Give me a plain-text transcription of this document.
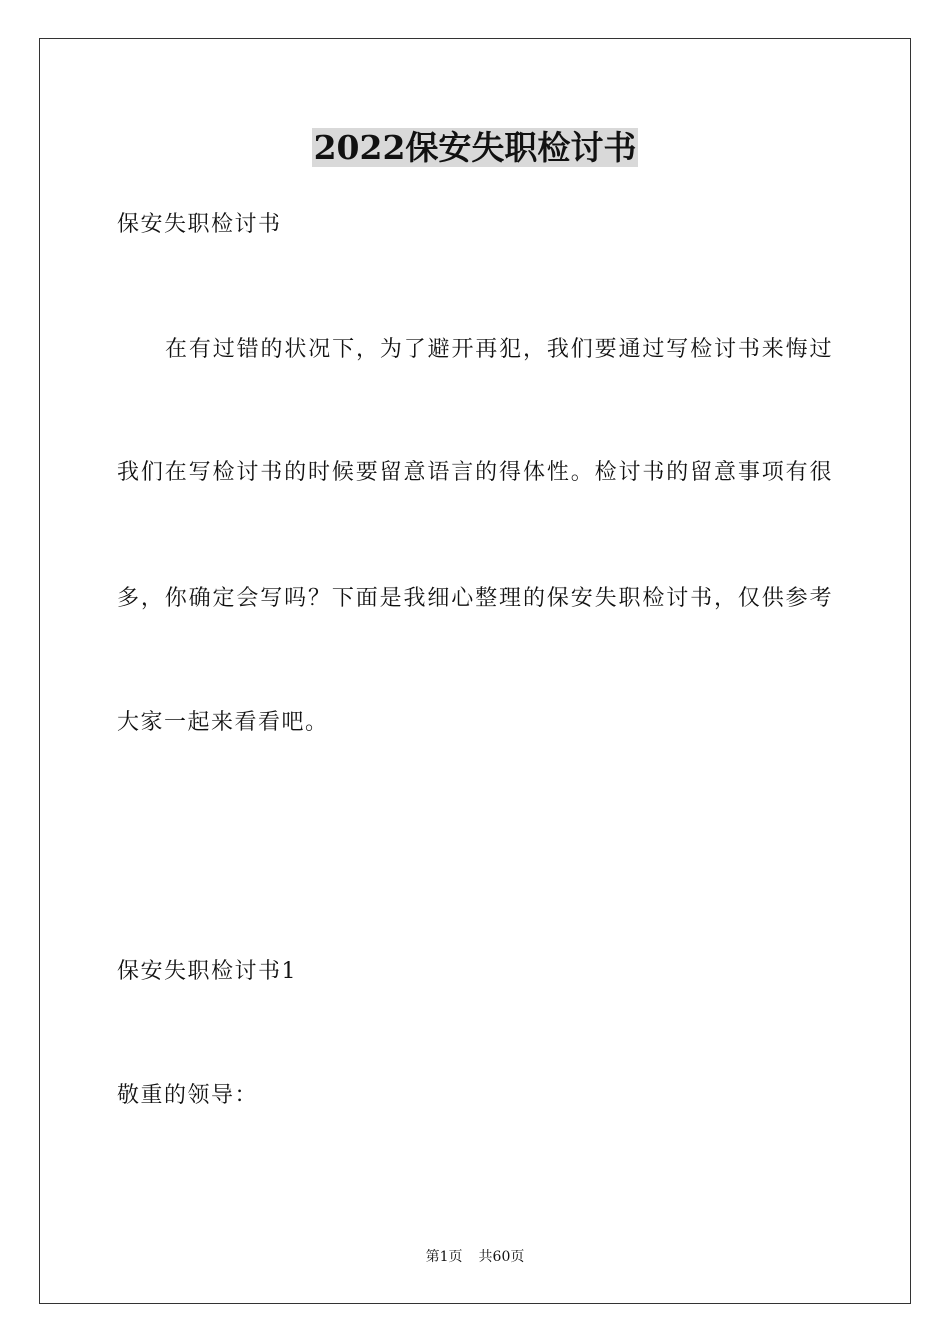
2022保安失职检讨书
保安失职检讨书
在有过错的状况下，为了避开再犯，我们要通过写检讨书来悔过
我们在写检讨书的时候要留意语言的得体性。检讨书的留意事项有很
多，你确定会写吗？下面是我细心整理的保安失职检讨书，仅供参考
大家一起来看看吧。
保安失职检讨书1
敬重的领导：
第1页 共60页
